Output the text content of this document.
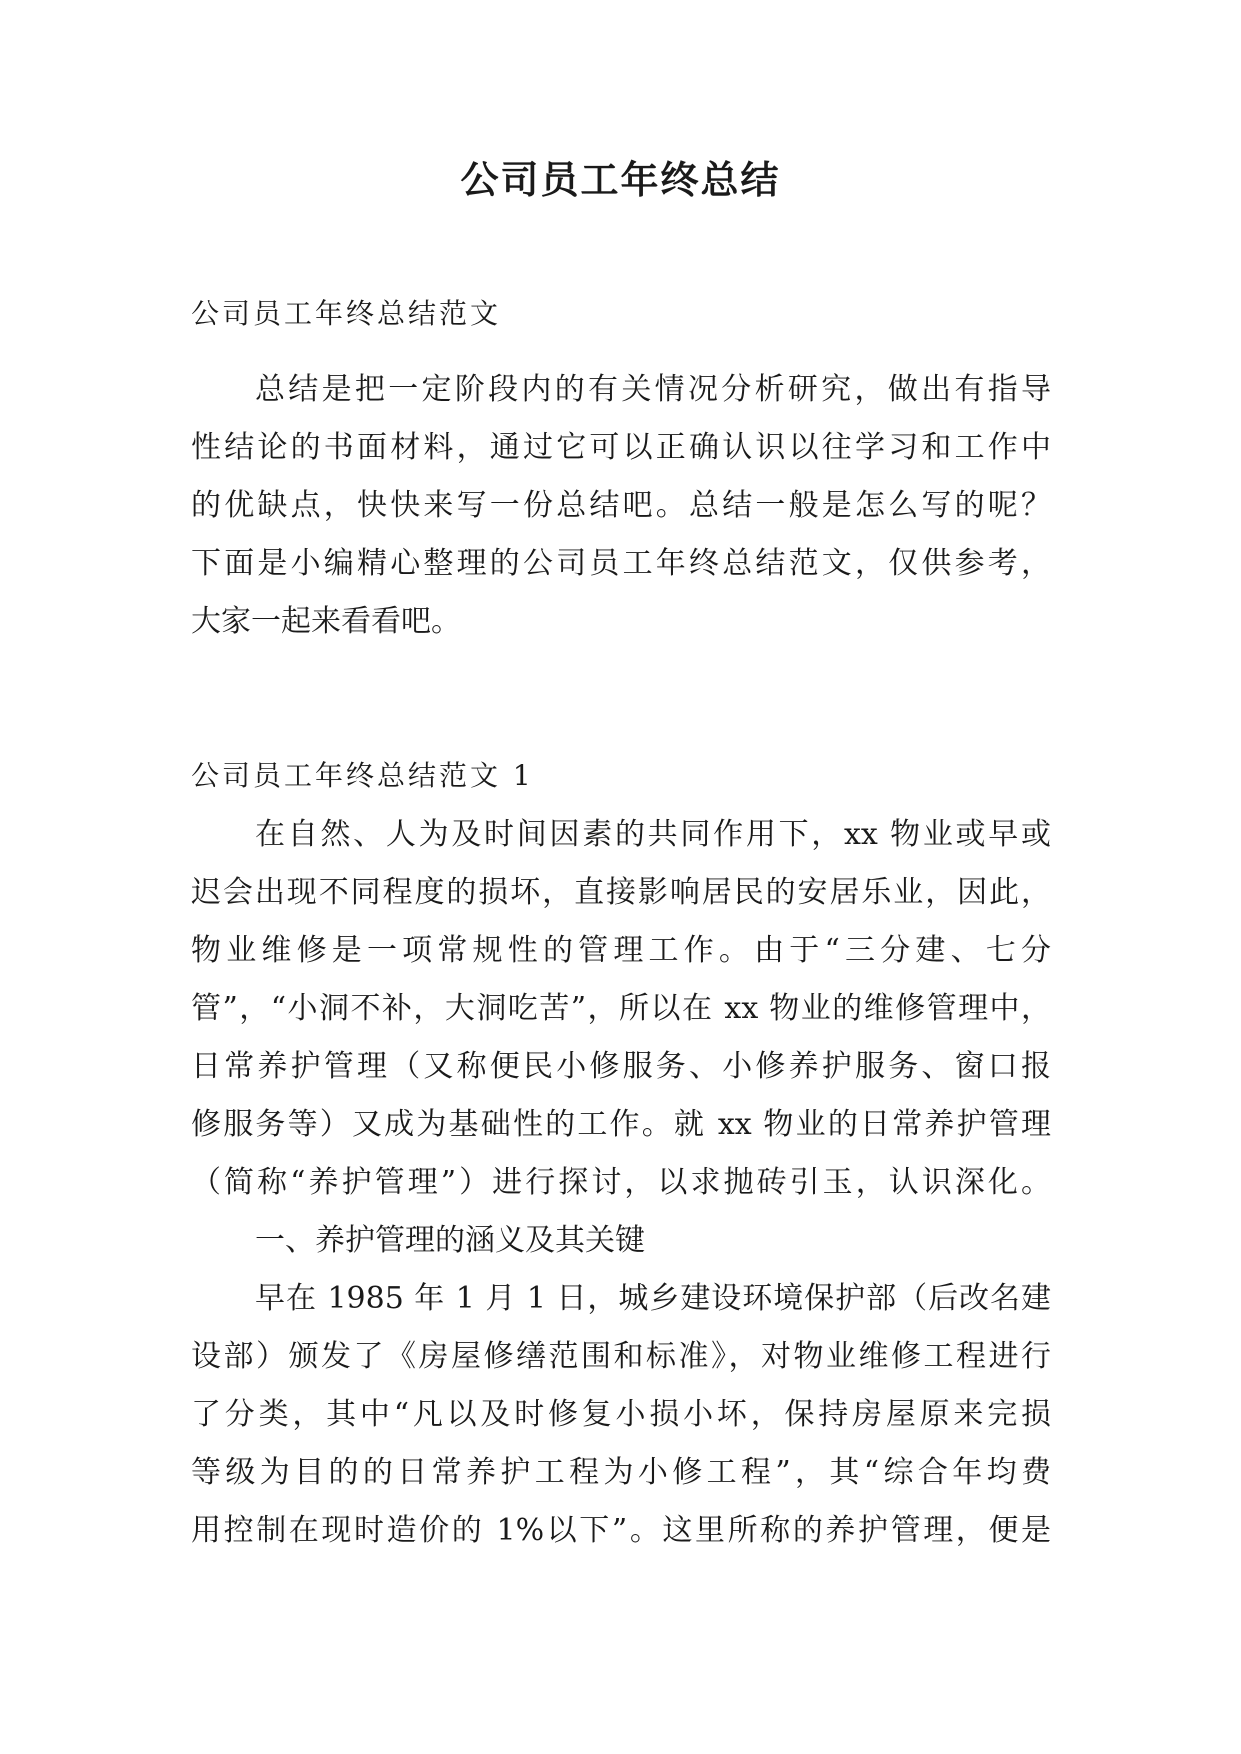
公司员工年终总结

公司员工年终总结范文

总结是把一定阶段内的有关情况分析研究，做出有指导
性结论的书面材料，通过它可以正确认识以往学习和工作中
的优缺点，快快来写一份总结吧。总结一般是怎么写的呢？
下面是小编精心整理的公司员工年终总结范文，仅供参考，
大家一起来看看吧。

公司员工年终总结范文 1

在自然、人为及时间因素的共同作用下，xx 物业或早或
迟会出现不同程度的损坏，直接影响居民的安居乐业，因此，
物业维修是一项常规性的管理工作。由于“三分建、七分
管”，“小洞不补，大洞吃苦”，所以在 xx 物业的维修管理中，
日常养护管理（又称便民小修服务、小修养护服务、窗口报
修服务等）又成为基础性的工作。就 xx 物业的日常养护管理
（简称“养护管理”）进行探讨，以求抛砖引玉，认识深化。
一、养护管理的涵义及其关键
早在 1985 年 1 月 1 日，城乡建设环境保护部（后改名建
设部）颁发了《房屋修缮范围和标准》，对物业维修工程进行
了分类，其中“凡以及时修复小损小坏，保持房屋原来完损
等级为目的的日常养护工程为小修工程”，其“综合年均费
用控制在现时造价的 1%以下”。这里所称的养护管理，便是
